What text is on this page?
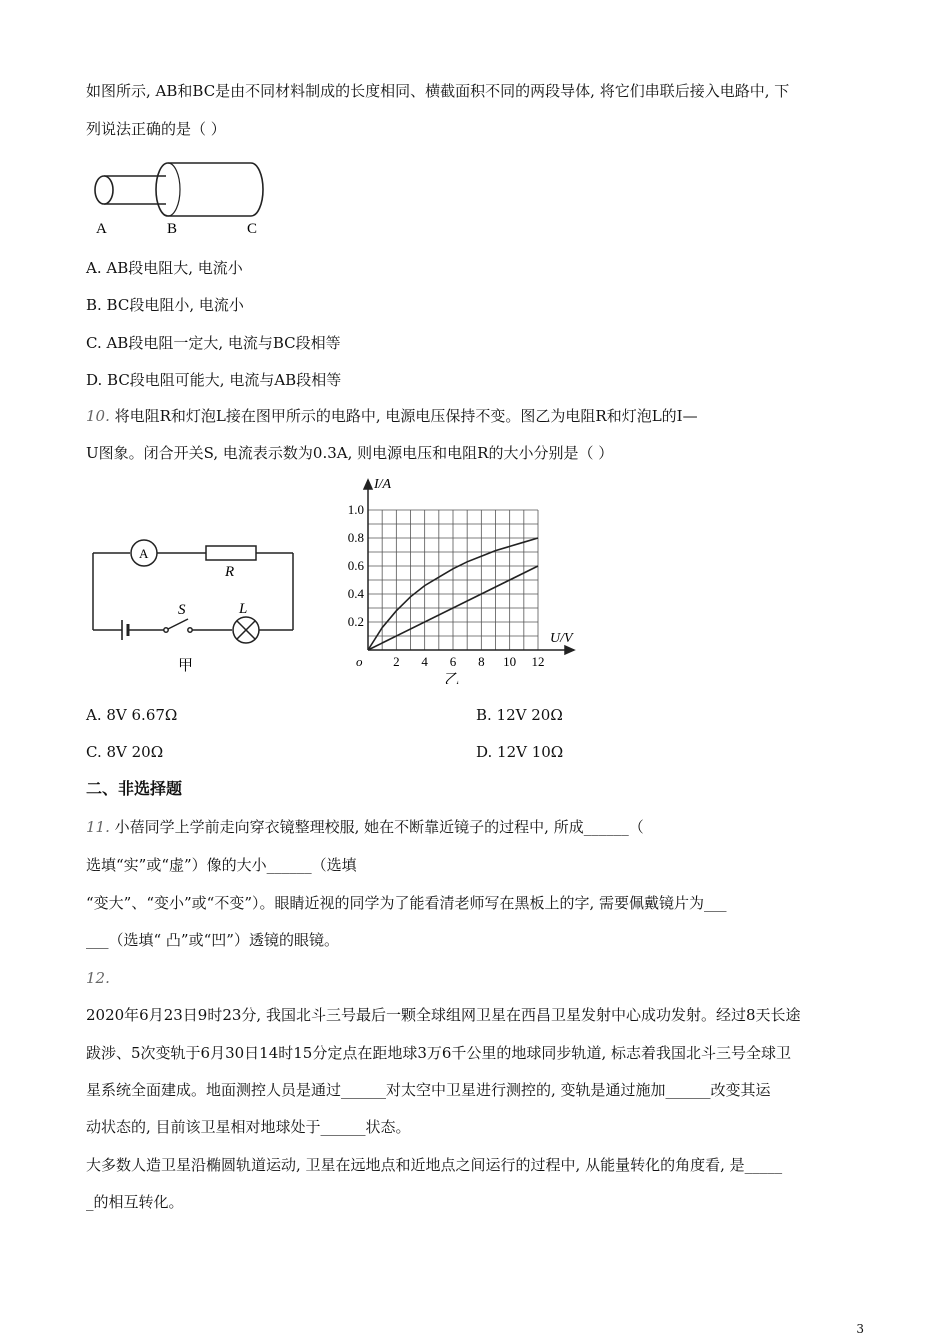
如图所示, AB和BC是由不同材料制成的长度相同、横截面积不同的两段导体, 将它们串联后接入电路中, 下
列说法正确的是（ ）
A	B	C
A. AB段电阻大, 电流小
B. BC段电阻小, 电流小
C. AB段电阻一定大, 电流与BC段相等
D. BC段电阻可能大, 电流与AB段相等
10. 将电阻R和灯泡L接在图甲所示的电路中, 电源电压保持不变。图乙为电阻R和灯泡L的I—
U图象。闭合开关S, 电流表示数为0.3A, 则电源电压和电阻R的大小分别是（ ）
A
R
S	L
甲	2 4 6 8 10 12
0.2
0.4
0.6
0.8
1.0
o
U/V
I/A
乙
A. 8V 6.67Ω	B. 12V 20Ω
C. 8V 20Ω	D. 12V 10Ω
二、非选择题
11. 小蓓同学上学前走向穿衣镜整理校服, 她在不断靠近镜子的过程中, 所成______（
选填“实”或“虚”）像的大小______（选填
“变大”、“变小”或“不变”）。眼睛近视的同学为了能看清老师写在黑板上的字, 需要佩戴镜片为___
___（选填“ 凸”或“凹”）透镜的眼镜。
12.
2020年6月23日9时23分, 我国北斗三号最后一颗全球组网卫星在西昌卫星发射中心成功发射。经过8天长途
跋涉、5次变轨于6月30日14时15分定点在距地球3万6千公里的地球同步轨道, 标志着我国北斗三号全球卫
星系统全面建成。地面测控人员是通过______对太空中卫星进行测控的, 变轨是通过施加______改变其运
动状态的, 目前该卫星相对地球处于______状态。
大多数人造卫星沿椭圆轨道运动, 卫星在远地点和近地点之间运行的过程中, 从能量转化的角度看, 是_____
_的相互转化。
3
